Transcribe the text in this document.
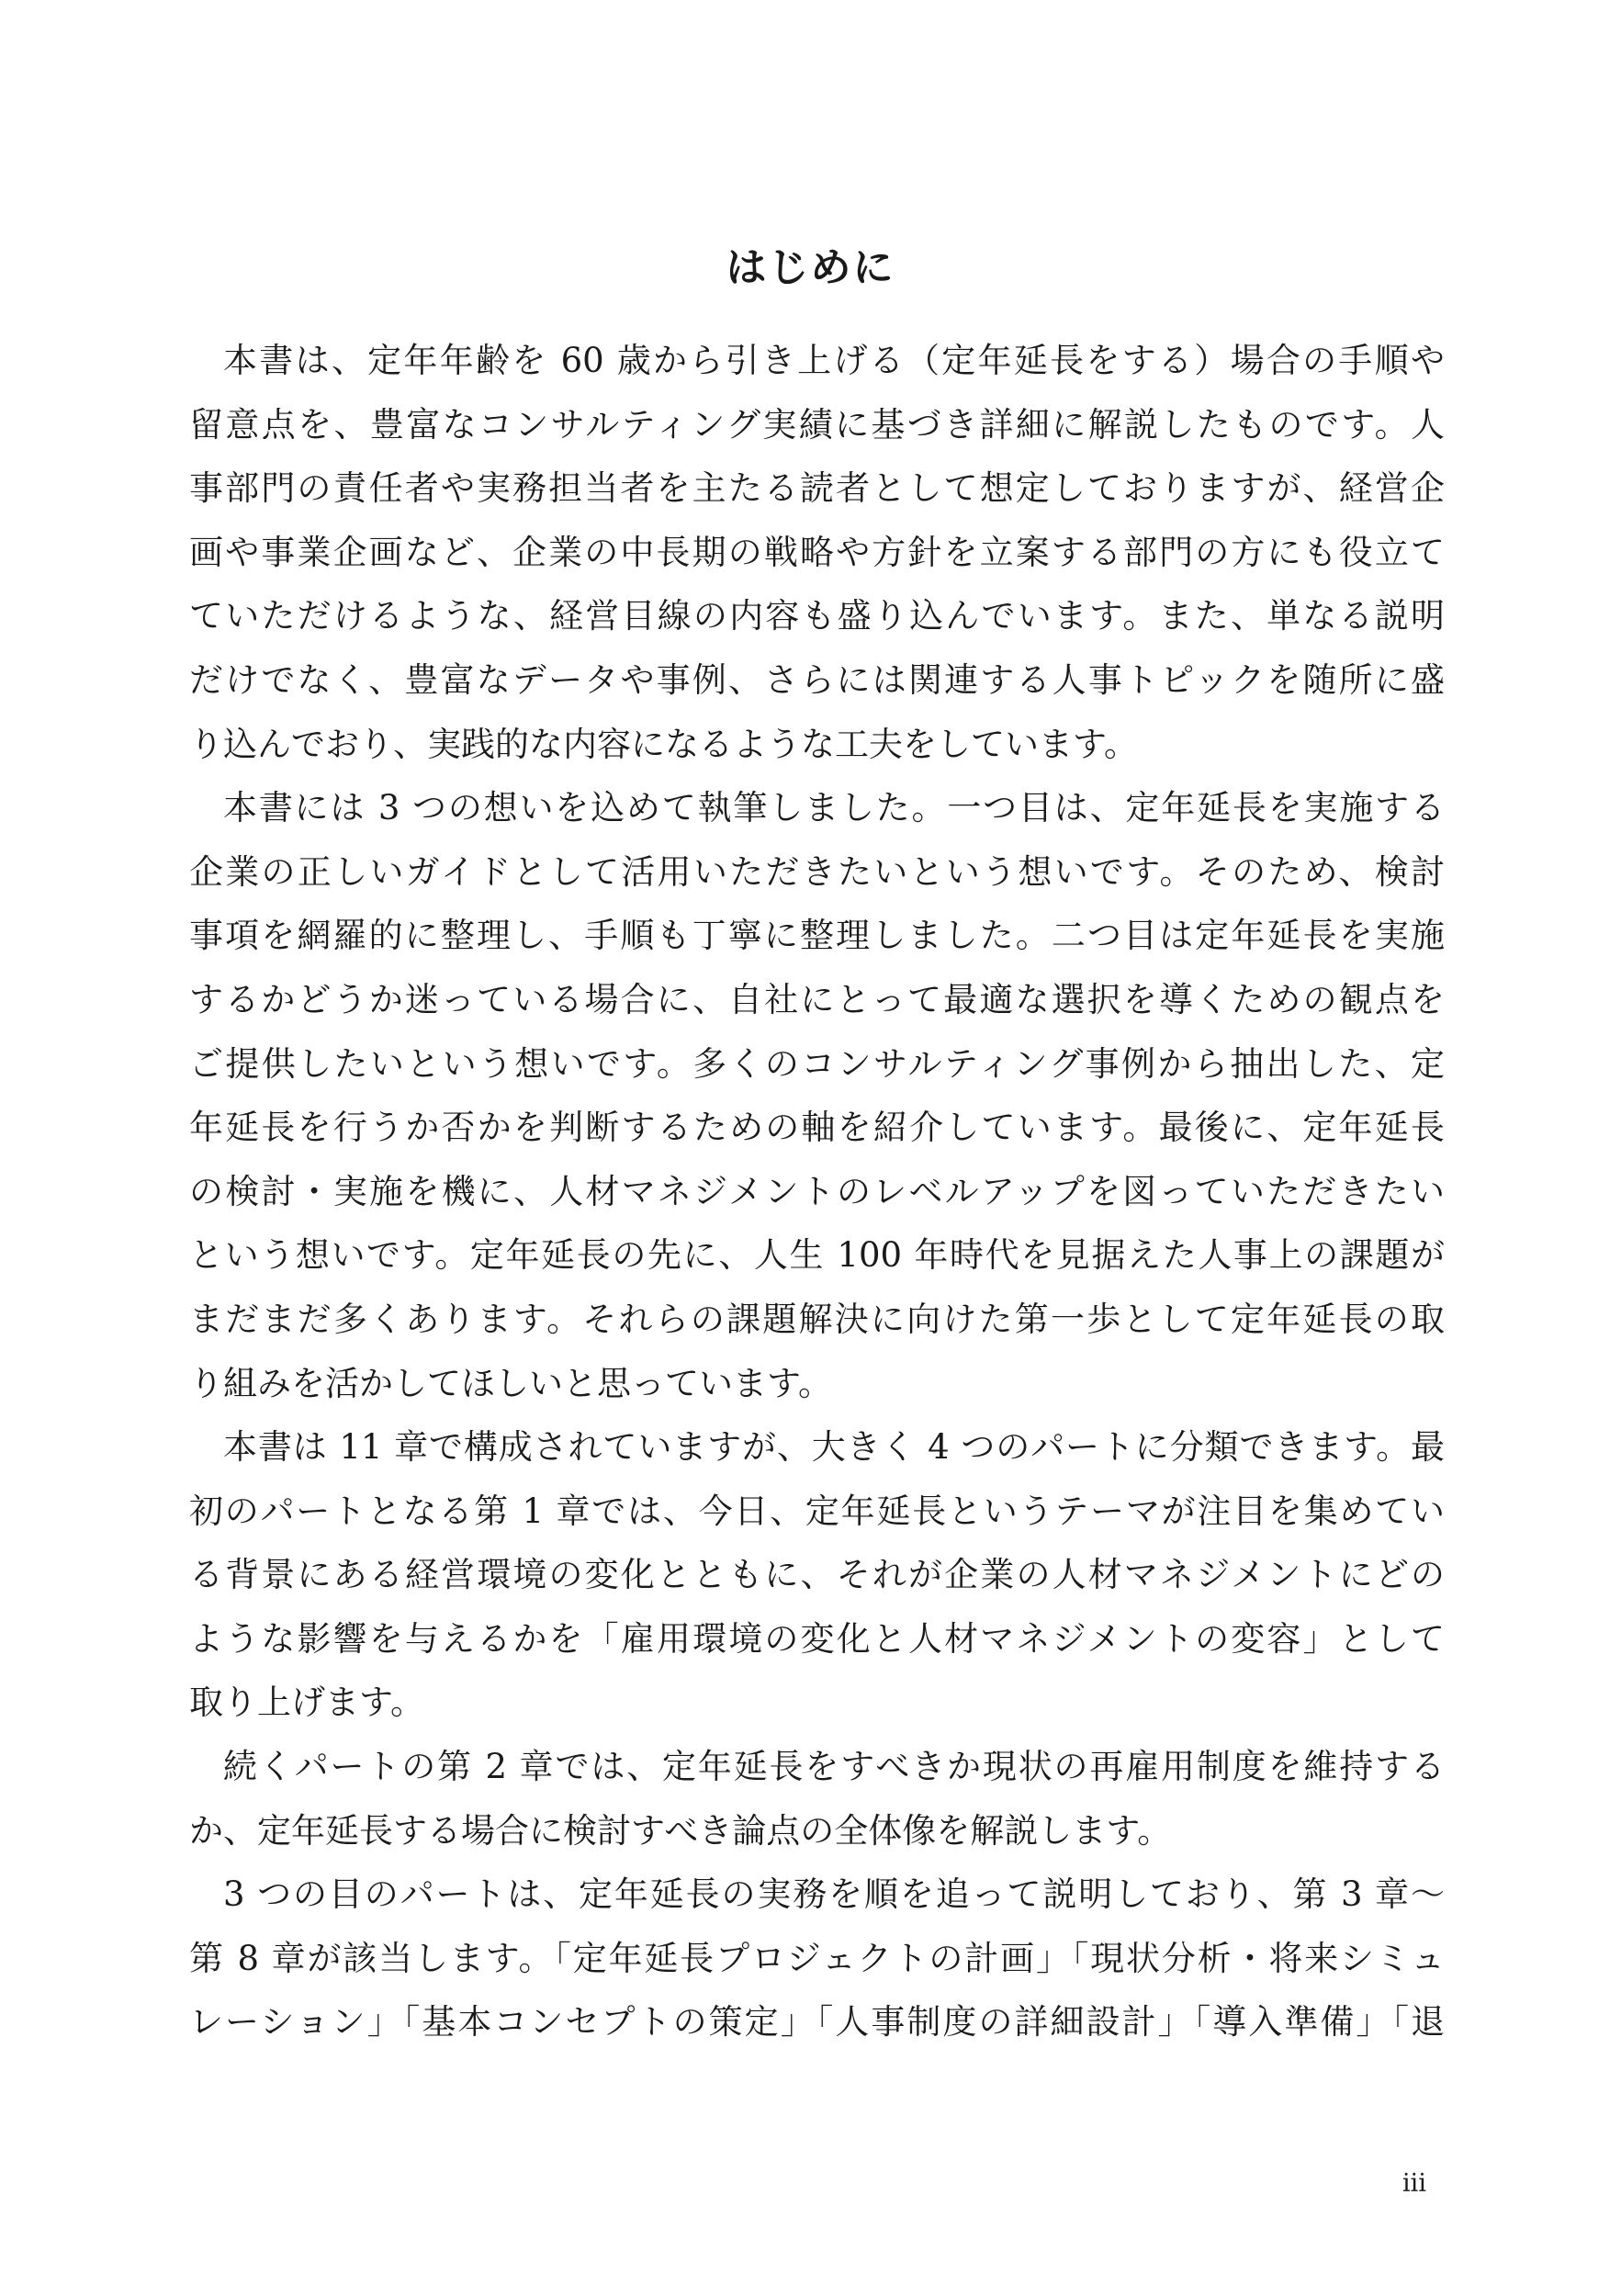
はじめに
本書は、定年年齢を 60 歳から引き上げる（定年延長をする）場合の手順や
留意点を、豊富なコンサルティング実績に基づき詳細に解説したものです。人
事部門の責任者や実務担当者を主たる読者として想定しておりますが、経営企
画や事業企画など、企業の中長期の戦略や方針を立案する部門の方にも役立て
ていただけるような、経営目線の内容も盛り込んでいます。また、単なる説明
だけでなく、豊富なデータや事例、さらには関連する人事トピックを随所に盛
り込んでおり、実践的な内容になるような工夫をしています。
本書には 3 つの想いを込めて執筆しました。一つ目は、定年延長を実施する
企業の正しいガイドとして活用いただきたいという想いです。そのため、検討
事項を網羅的に整理し、手順も丁寧に整理しました。二つ目は定年延長を実施
するかどうか迷っている場合に、自社にとって最適な選択を導くための観点を
ご提供したいという想いです。多くのコンサルティング事例から抽出した、定
年延長を行うか否かを判断するための軸を紹介しています。最後に、定年延長
の検討・実施を機に、人材マネジメントのレベルアップを図っていただきたい
という想いです。定年延長の先に、人生 100 年時代を見据えた人事上の課題が
まだまだ多くあります。それらの課題解決に向けた第一歩として定年延長の取
り組みを活かしてほしいと思っています。
本書は 11 章で構成されていますが、大きく 4 つのパートに分類できます。最
初のパートとなる第 1 章では、今日、定年延長というテーマが注目を集めてい
る背景にある経営環境の変化とともに、それが企業の人材マネジメントにどの
ような影響を与えるかを「雇用環境の変化と人材マネジメントの変容」として
取り上げます。
続くパートの第 2 章では、定年延長をすべきか現状の再雇用制度を維持する
か、定年延長する場合に検討すべき論点の全体像を解説します。
3 つの目のパートは、定年延長の実務を順を追って説明しており、第 3 章〜
第 8 章が該当します。「定年延長プロジェクトの計画」「現状分析・将来シミュ
レーション」「基本コンセプトの策定」「人事制度の詳細設計」「導入準備」「退
iii
